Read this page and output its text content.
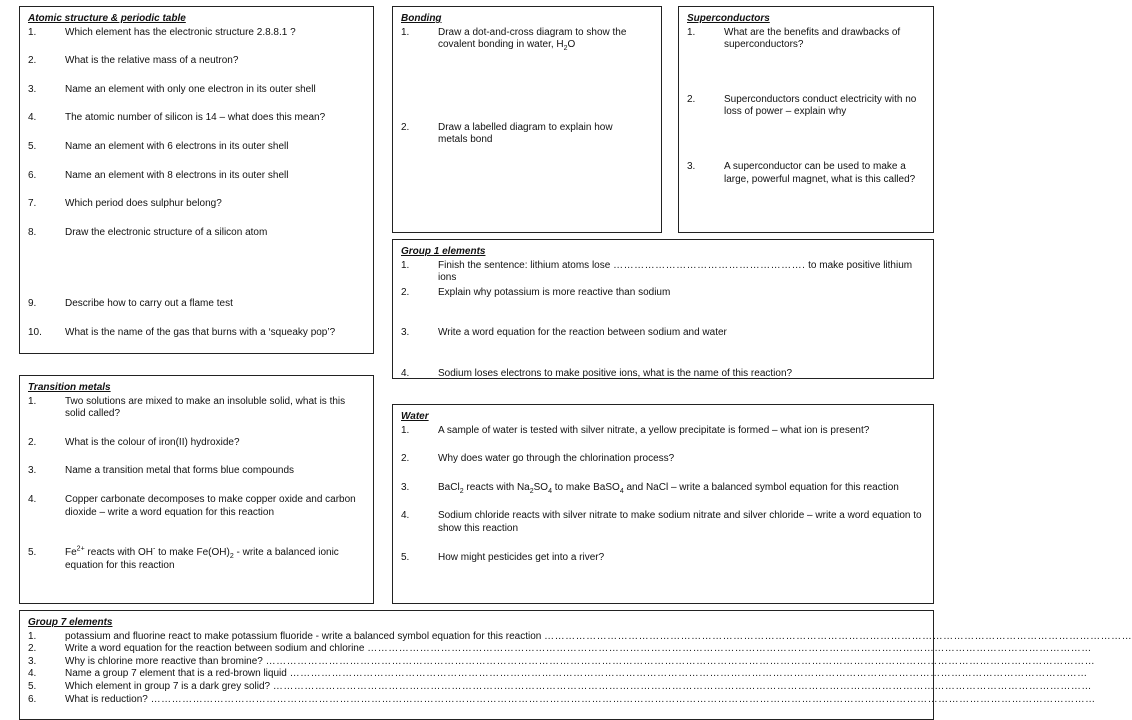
Atomic structure & periodic table
1.	Which element has the electronic structure 2.8.8.1 ?
2.	What is the relative mass of a neutron?
3.	Name an element with only one electron in its outer shell
4.	The atomic number of silicon is 14 – what does this mean?
5.	Name an element with 6 electrons in its outer shell
6.	Name an element with 8 electrons in its outer shell
7.	Which period does sulphur belong?
8.	Draw the electronic structure of a silicon atom
9.	Describe how to carry out a flame test
10.	What is the name of the gas that burns with a ‘squeaky pop’?
Bonding
1.	Draw a dot-and-cross diagram to show the covalent bonding in water, $H_2O$
2.	Draw a labelled diagram to explain how metals bond
Superconductors
1.	What are the benefits and drawbacks of superconductors?
2.	Superconductors conduct electricity with no loss of power – explain why
3.	A superconductor can be used to make a large, powerful magnet, what is this called?
Group 1 elements
1.	Finish the sentence: lithium atoms lose ………………………………………………. to make positive lithium ions
2.	Explain why potassium is more reactive than sodium
3.	Write a word equation for the reaction between sodium and water
4.	Sodium loses electrons to make positive ions, what is the name of this reaction?
Transition metals
1.	Two solutions are mixed to make an insoluble solid, what is this solid called?
2.	What is the colour of iron(II) hydroxide?
3.	Name a transition metal that forms blue compounds
4.	Copper carbonate decomposes to make copper oxide and carbon dioxide – write a word equation for this reaction
5.	$Fe^{2+}$ reacts with OH- to make $Fe(OH)_2$ - write a balanced ionic equation for this reaction
Water
1.	A sample of water is tested with silver nitrate, a yellow precipitate is formed – what ion is present?
2.	Why does water go through the chlorination process?
3.	BaCl$_2$ reacts with $Na_2SO_4$ to make BaSO$_4$ and NaCl – write a balanced symbol equation for this reaction
4.	Sodium chloride reacts with silver nitrate to make sodium nitrate and silver chloride – write a word equation to show this reaction
5.	How might pesticides get into a river?
Group 7 elements
1.	potassium and fluorine react to make potassium fluoride - write a balanced symbol equation for this reaction ……………………………………………………………………………………………………………………………………………………
2.	Write a word equation for the reaction between sodium and chlorine ………………………………………………………………………………………………………………………………………………………………………………………
3.	Why is chlorine more reactive than bromine? …………………………………………………………………………………………………………………………………………………………………………………………………………………
4.	Name a group 7 element that is a red-brown liquid …………………………………………………………………………………………………………………………………………………………………………………………………………
5.	Which element in group 7 is a dark grey solid? ………………………………………………………………………………………………………………………………………………………………………………………………………………
6.	What is reduction? ………………………………………………………………………………………………………………………………………………………………………………………………………………………………………………
